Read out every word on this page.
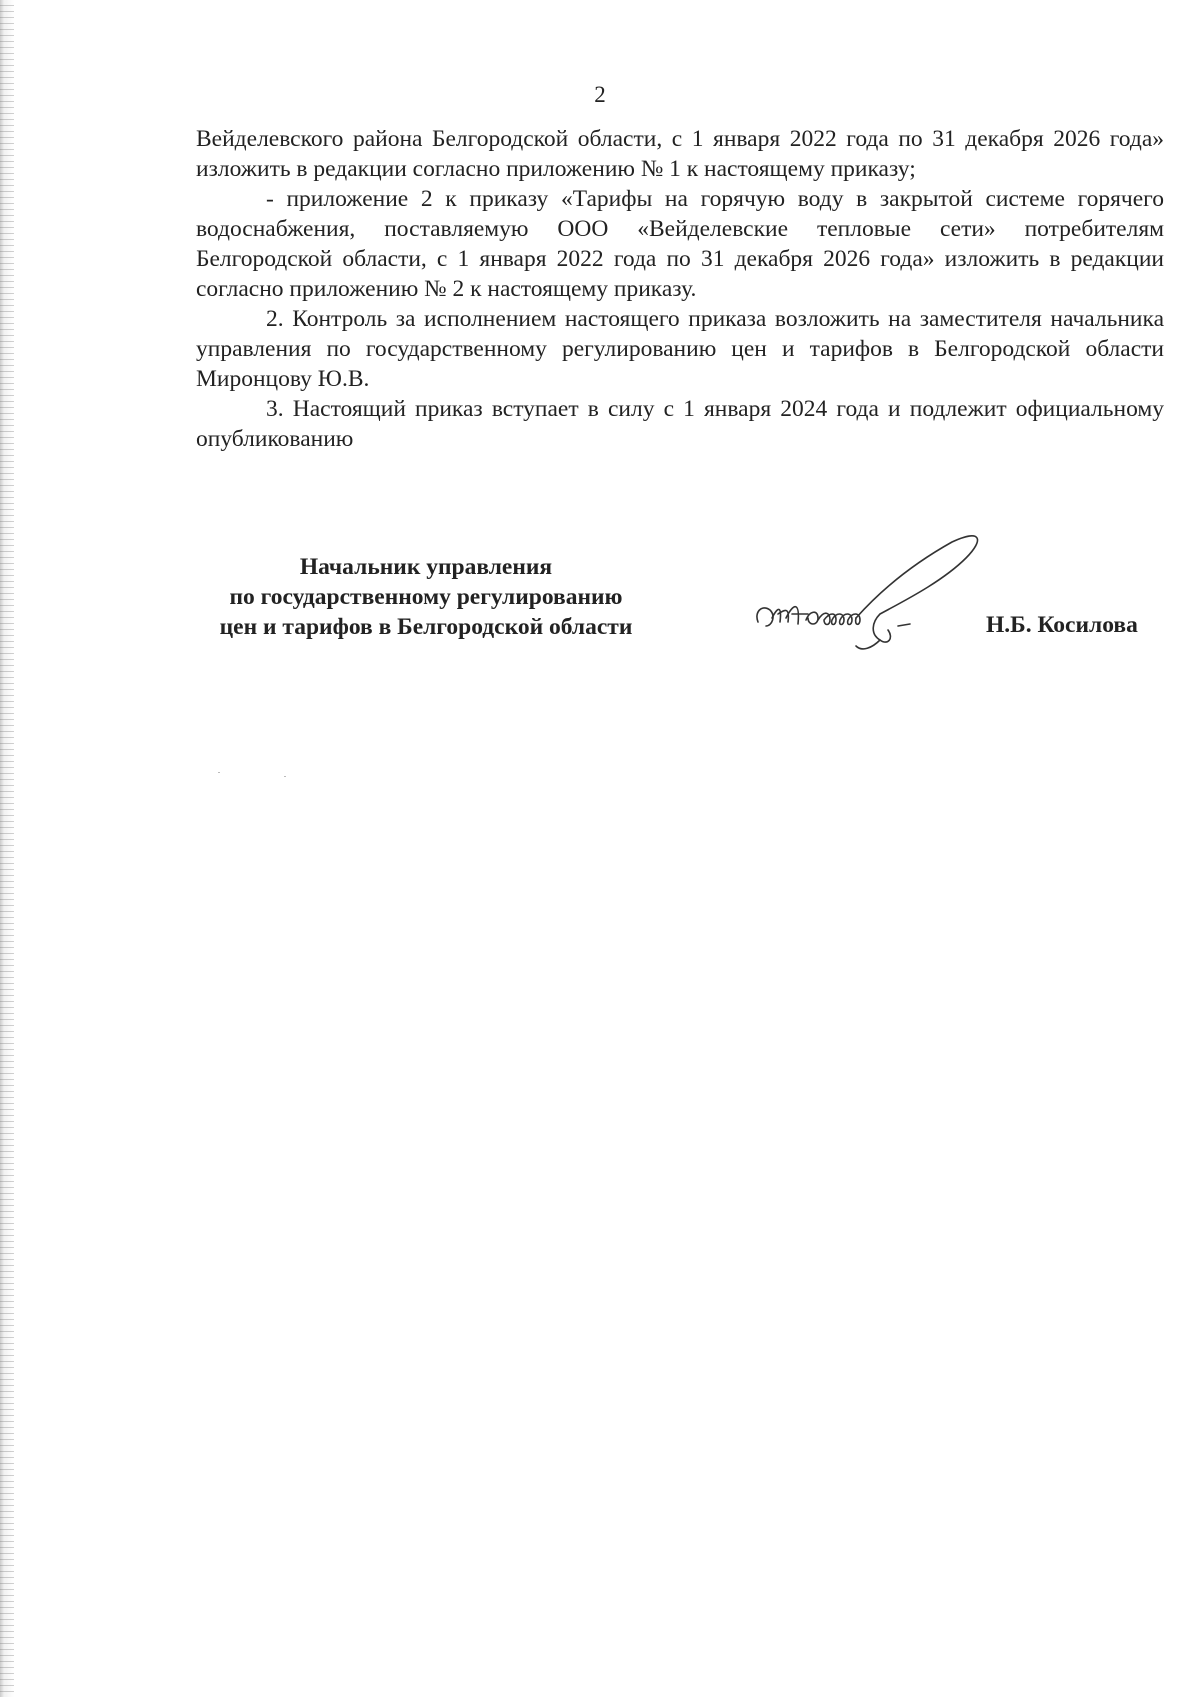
2

Вейделевского района Белгородской области, с 1 января 2022 года по 31 декабря 2026 года» изложить в редакции согласно приложению № 1 к настоящему приказу;

- приложение 2 к приказу «Тарифы на горячую воду в закрытой системе горячего водоснабжения, поставляемую ООО «Вейделевские тепловые сети» потребителям Белгородской области, с 1 января 2022 года по 31 декабря 2026 года» изложить в редакции согласно приложению № 2 к настоящему приказу.

2. Контроль за исполнением настоящего приказа возложить на заместителя начальника управления по государственному регулированию цен и тарифов в Белгородской области Миронцову Ю.В.

3. Настоящий приказ вступает в силу с 1 января 2024 года и подлежит официальному опубликованию

Начальник управления
по государственному регулированию
цен и тарифов в Белгородской области	Н.Б. Косилова
